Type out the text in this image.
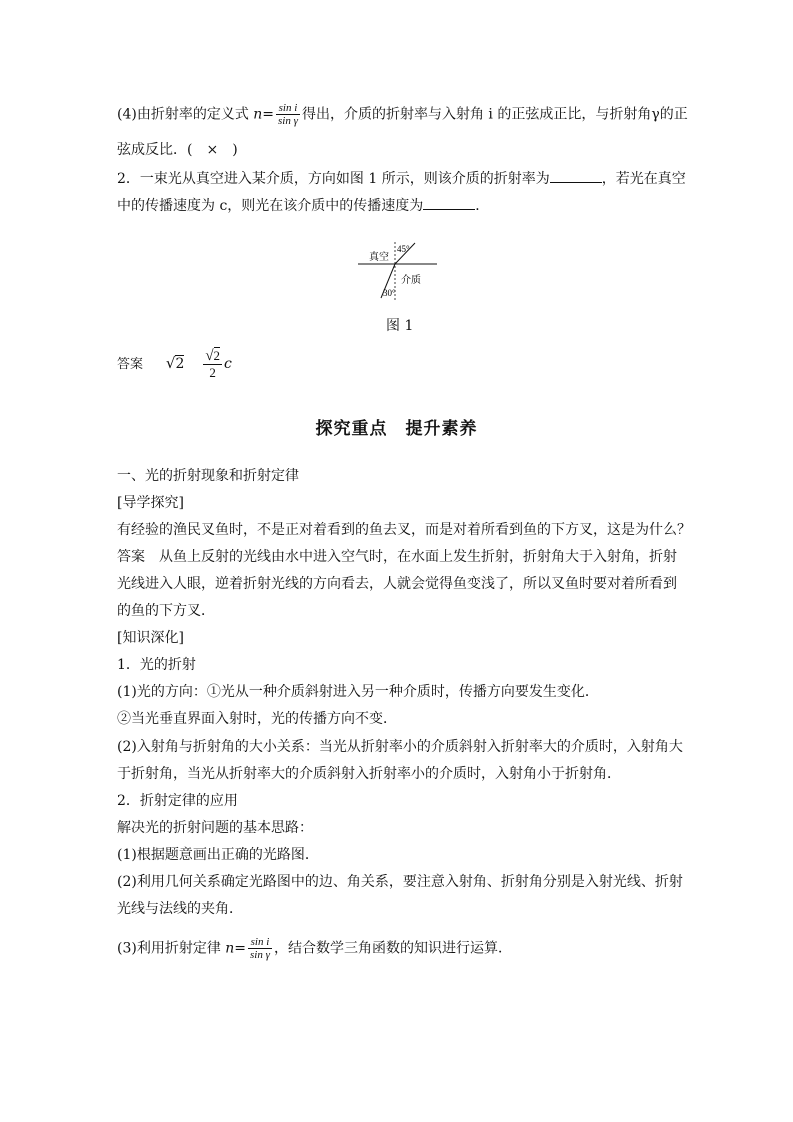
(4)由折射率的定义式 $n= \frac{\text{sin i}}{\text{sin γ}}$ 得出，介质的折射率与入射角 i 的正弦成正比，与折射角γ的正
弦成反比．(　×　)
2．一束光从真空进入某介质，方向如图 1 所示，则该介质的折射率为	，若光在真空
中的传播速度为 c，则光在该介质中的传播速度为	．
45°
真空
介质
30°
图 1
答案 $√2 \frac{√2}{2}$ c
探究重点　提升素养
一、光的折射现象和折射定律
[导学探究]
有经验的渔民叉鱼时，不是正对着看到的鱼去叉，而是对着所看到鱼的下方叉，这是为什么？
答案　从鱼上反射的光线由水中进入空气时，在水面上发生折射，折射角大于入射角，折射
光线进入人眼，逆着折射光线的方向看去，人就会觉得鱼变浅了，所以叉鱼时要对着所看到
的鱼的下方叉．
[知识深化]
1．光的折射
(1)光的方向：①光从一种介质斜射进入另一种介质时，传播方向要发生变化．
②当光垂直界面入射时，光的传播方向不变．
(2)入射角与折射角的大小关系：当光从折射率小的介质斜射入折射率大的介质时，入射角大
于折射角，当光从折射率大的介质斜射入折射率小的介质时，入射角小于折射角．
2．折射定律的应用
解决光的折射问题的基本思路：
(1)根据题意画出正确的光路图．
(2)利用几何关系确定光路图中的边、角关系，要注意入射角、折射角分别是入射光线、折射
光线与法线的夹角．
(3)利用折射定律 $n= \frac{\text{sin i}}{\text{sin γ}}$ ，结合数学三角函数的知识进行运算．
